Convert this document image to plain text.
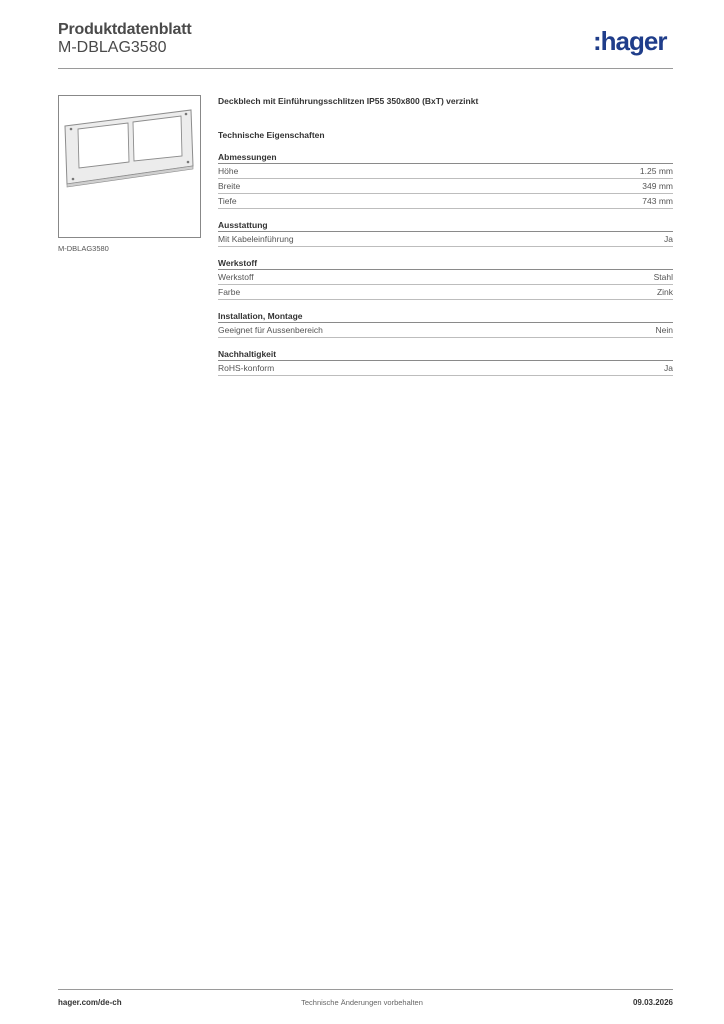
Produktdatenblatt
M-DBLAG3580	:hager
M-DBLAG3580
Deckblech mit Einführungsschlitzen IP55 350x800 (BxT) verzinkt
Technische Eigenschaften
Abmessungen
Höhe	1.25 mm
Breite	349 mm
Tiefe	743 mm
Ausstattung
Mit Kabeleinführung	Ja
Werkstoff
Werkstoff	Stahl
Farbe	Zink
Installation, Montage
Geeignet für Aussenbereich	Nein
Nachhaltigkeit
RoHS-konform	Ja
hager.com/de-ch	Technische Änderungen vorbehalten	09.03.2026
